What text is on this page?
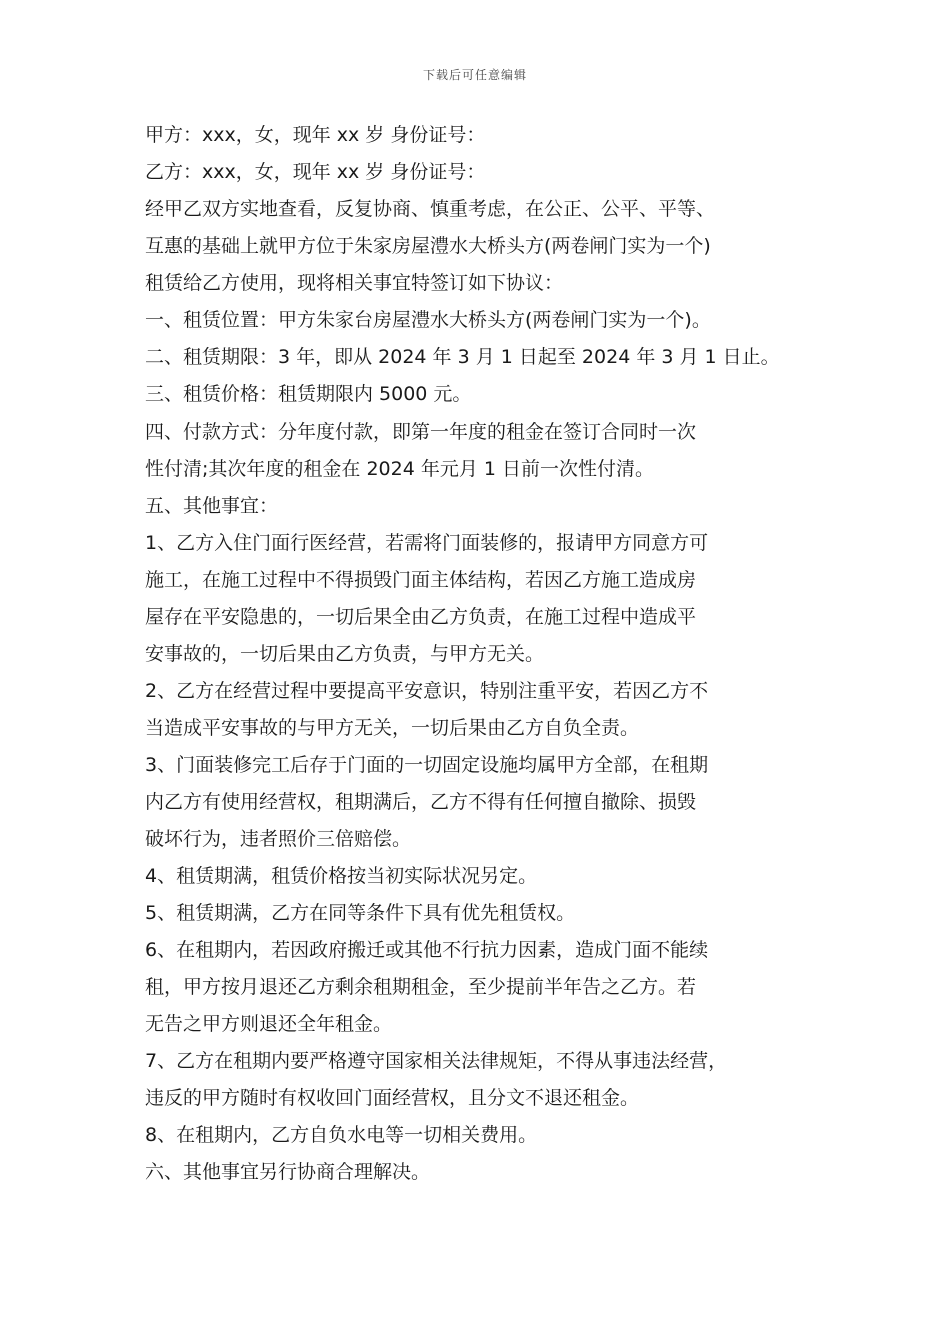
下载后可任意编辑
甲方：xxx，女，现年 xx 岁 身份证号：
乙方：xxx，女，现年 xx 岁 身份证号：
经甲乙双方实地查看，反复协商、慎重考虑，在公正、公平、平等、
互惠的基础上就甲方位于朱家房屋澧水大桥头方(两卷闸门实为一个)
租赁给乙方使用，现将相关事宜特签订如下协议：
一、租赁位置：甲方朱家台房屋澧水大桥头方(两卷闸门实为一个)。
二、租赁期限：3 年，即从 2024 年 3 月 1 日起至 2024 年 3 月 1 日止。
三、租赁价格：租赁期限内 5000 元。
四、付款方式：分年度付款，即第一年度的租金在签订合同时一次
性付清;其次年度的租金在 2024 年元月 1 日前一次性付清。
五、其他事宜：
1、乙方入住门面行医经营，若需将门面装修的，报请甲方同意方可
施工，在施工过程中不得损毁门面主体结构，若因乙方施工造成房
屋存在平安隐患的，一切后果全由乙方负责，在施工过程中造成平
安事故的，一切后果由乙方负责，与甲方无关。
2、乙方在经营过程中要提高平安意识，特别注重平安，若因乙方不
当造成平安事故的与甲方无关，一切后果由乙方自负全责。
3、门面装修完工后存于门面的一切固定设施均属甲方全部，在租期
内乙方有使用经营权，租期满后，乙方不得有任何擅自撤除、损毁
破坏行为，违者照价三倍赔偿。
4、租赁期满，租赁价格按当初实际状况另定。
5、租赁期满，乙方在同等条件下具有优先租赁权。
6、在租期内，若因政府搬迁或其他不行抗力因素，造成门面不能续
租，甲方按月退还乙方剩余租期租金，至少提前半年告之乙方。若
无告之甲方则退还全年租金。
7、乙方在租期内要严格遵守国家相关法律规矩，不得从事违法经营，
违反的甲方随时有权收回门面经营权，且分文不退还租金。
8、在租期内，乙方自负水电等一切相关费用。
六、其他事宜另行协商合理解决。
